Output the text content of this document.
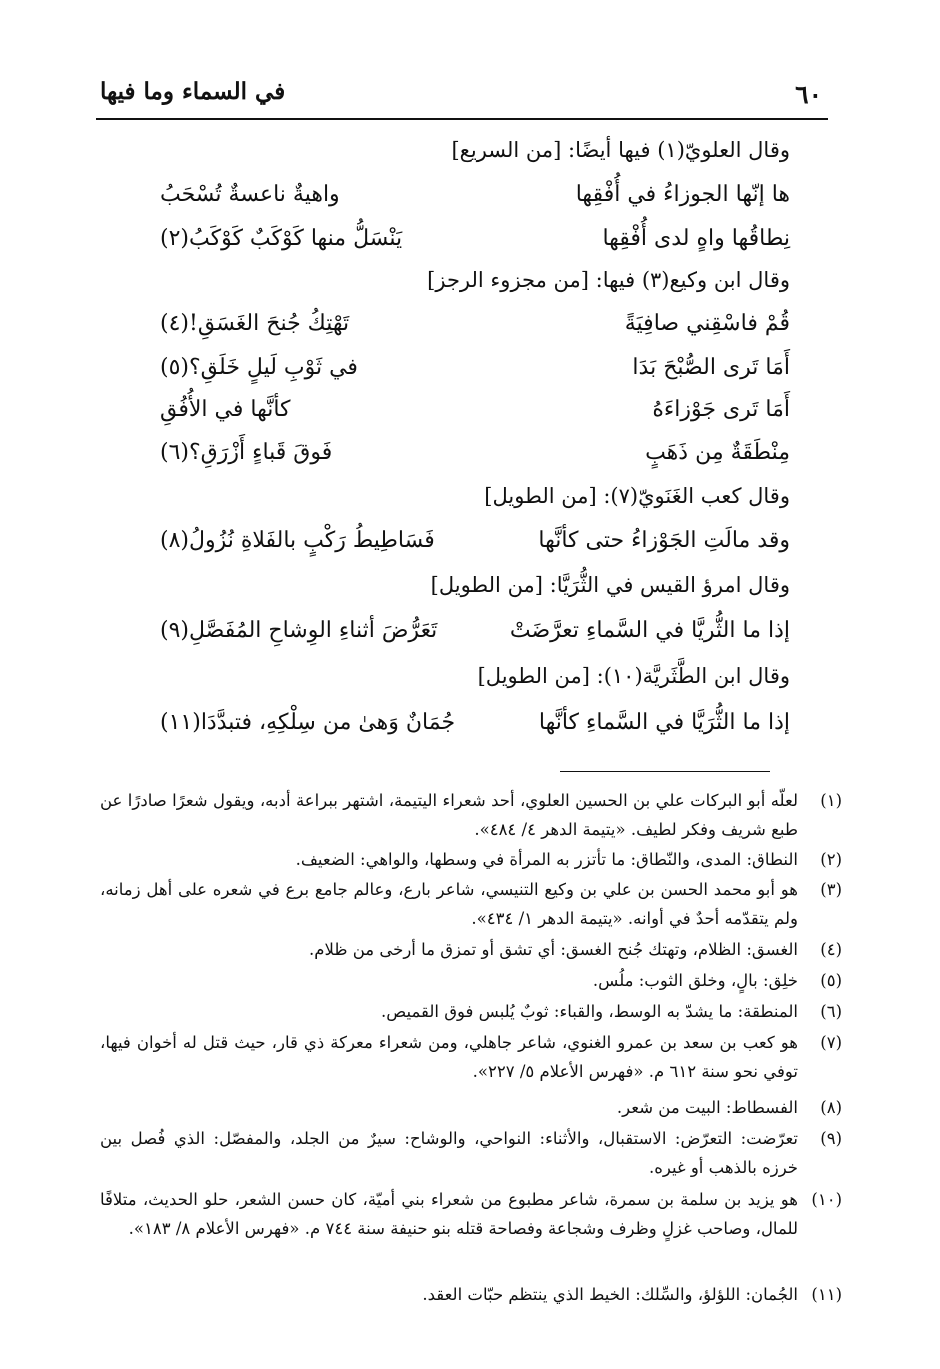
٦٠
في السماء وما فيها
وقال العلويّ(١) فيها أيضًا: [من السريع]
ها إنّها الجوزاءُ في أُفْقِها
واهيةٌ ناعسةٌ تُسْحَبُ
نِطاقُها واهٍ لدى أُفْقِها
يَنْسَلُّ منها كَوْكَبٌ كَوْكَبُ(٢)
وقال ابن وكيع(٣) فيها: [من مجزوء الرجز]
قُمْ فاسْقِني صافِيَةً
تَهْتِكُ جُنحَ الغَسَقِ!(٤)
أَمَا تَرى الصُّبْحَ بَدَا
في ثَوْبِ لَيلٍ خَلَقِ؟(٥)
أَمَا تَرى جَوْزاءَهُ
كأنَّها في الأُفُقِ
مِنْطَقَةٌ مِن ذَهَبٍ
فَوقَ قَباءٍ أَزْرَقِ؟(٦)
وقال كعب الغَنَويّ(٧): [من الطويل]
وقد مالَتِ الجَوْزاءُ حتى كأنَّها
فَسَاطِيطُ رَكْبٍ بالفَلاةِ نُزُولُ(٨)
وقال امرؤ القيس في الثُّرَيَّا: [من الطويل]
إذا ما الثُّريَّا في السَّماءِ تعرَّضَتْ
تَعَرُّضَ أثناءِ الوِشاحِ المُفَصَّلِ(٩)
وقال ابن الطَّثَريَّة(١٠): [من الطويل]
إذا ما الثُّرَيَّا في السَّماءِ كأنَّها
جُمَانٌ وَهىٰ من سِلْكِهِ، فتبدَّدَا(١١)
(١)
لعلّه أبو البركات علي بن الحسين العلوي، أحد شعراء اليتيمة، اشتهر ببراعة أدبه، ويقول شعرًا صادرًا عن طبع شريف وفكر لطيف. «يتيمة الدهر ٤/ ٤٨٤».
(٢)
النطاق: المدى، والنّطاق: ما تأتزر به المرأة في وسطها، والواهي: الضعيف.
(٣)
هو أبو محمد الحسن بن علي بن وكيع التنيسي، شاعر بارع، وعالم جامع برع في شعره على أهل زمانه، ولم يتقدّمه أحدٌ في أوانه. «يتيمة الدهر ١/ ٤٣٤».
(٤)
الغسق: الظلام، وتهتك جُنح الغسق: أي تشق أو تمزق ما أرخى من ظلام.
(٥)
خلِق: بالٍ، وخلق الثوب: ملُس.
(٦)
المنطقة: ما يشدّ به الوسط، والقباء: ثوبٌ يُلبس فوق القميص.
(٧)
هو كعب بن سعد بن عمرو الغنوي، شاعر جاهلي، ومن شعراء معركة ذي قار، حيث قتل له أخوان فيها، توفي نحو سنة ٦١٢ م. «فهرس الأعلام ٥/ ٢٢٧».
(٨)
الفسطاط: البيت من شعر.
(٩)
تعرّضت: التعرّض: الاستقبال، والأثناء: النواحي، والوشاح: سيرٌ من الجلد، والمفصّل: الذي فُصل بين خرزه بالذهب أو غيره.
(١٠)
هو يزيد بن سلمة بن سمرة، شاعر مطبوع من شعراء بني أميّة، كان حسن الشعر، حلو الحديث، متلافًا للمال، وصاحب غزلٍ وظرف وشجاعة وفصاحة قتله بنو حنيفة سنة ٧٤٤ م. «فهرس الأعلام ٨/ ١٨٣».
(١١)
الجُمان: اللؤلؤ، والسِّلك: الخيط الذي ينتظم حبّات العقد.
